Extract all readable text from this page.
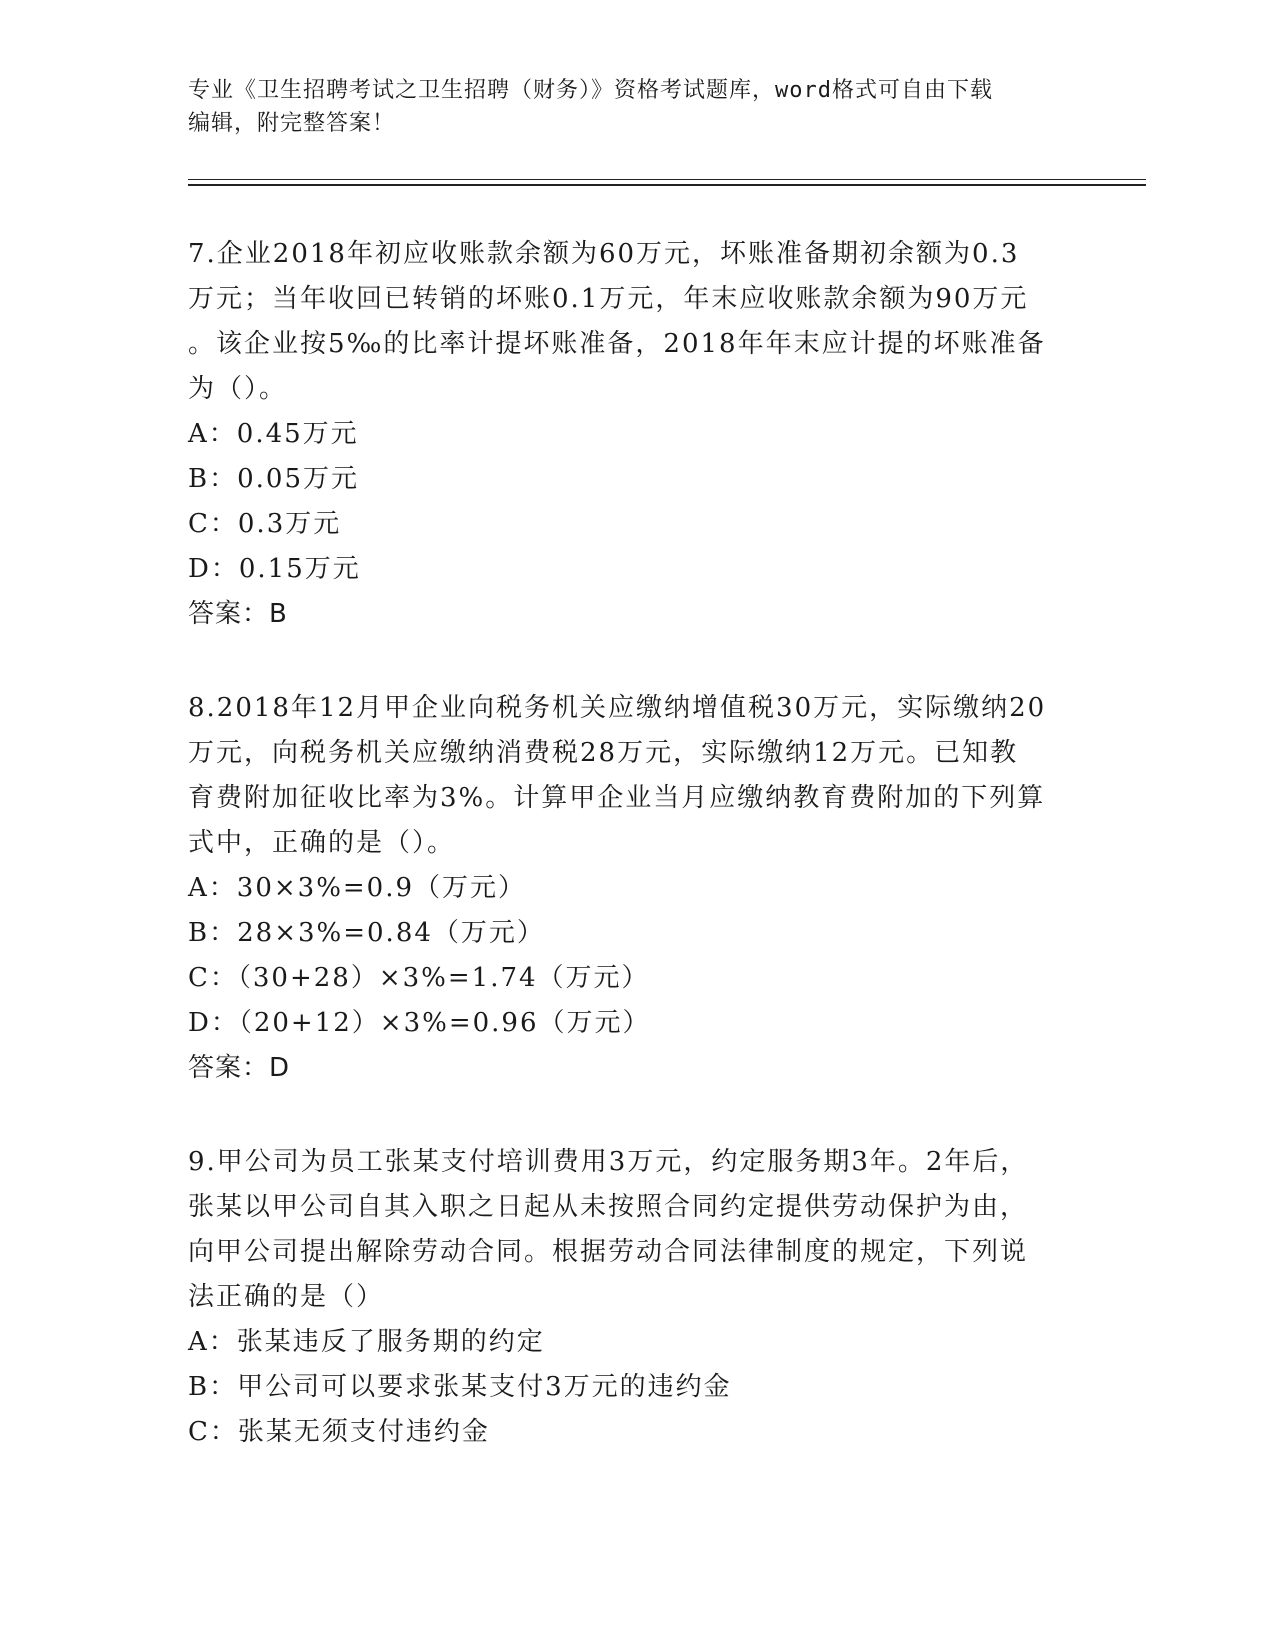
专业《卫生招聘考试之卫生招聘（财务）》资格考试题库，word格式可自由下载
编辑，附完整答案！
7.企业2018年初应收账款余额为60万元，坏账准备期初余额为0.3
万元；当年收回已转销的坏账0.1万元，年末应收账款余额为90万元
。该企业按5‰的比率计提坏账准备，2018年年末应计提的坏账准备
为（）。
A：0.45万元
B：0.05万元
C：0.3万元
D：0.15万元
答案：B
8.2018年12月甲企业向税务机关应缴纳增值税30万元，实际缴纳20
万元，向税务机关应缴纳消费税28万元，实际缴纳12万元。已知教
育费附加征收比率为3%。计算甲企业当月应缴纳教育费附加的下列算
式中，正确的是（）。
A：30×3%=0.9（万元）
B：28×3%=0.84（万元）
C：（30+28）×3%=1.74（万元）
D：（20+12）×3%=0.96（万元）
答案：D
9.甲公司为员工张某支付培训费用3万元，约定服务期3年。2年后，
张某以甲公司自其入职之日起从未按照合同约定提供劳动保护为由，
向甲公司提出解除劳动合同。根据劳动合同法律制度的规定，下列说
法正确的是（）
A：张某违反了服务期的约定
B：甲公司可以要求张某支付3万元的违约金
C：张某无须支付违约金
